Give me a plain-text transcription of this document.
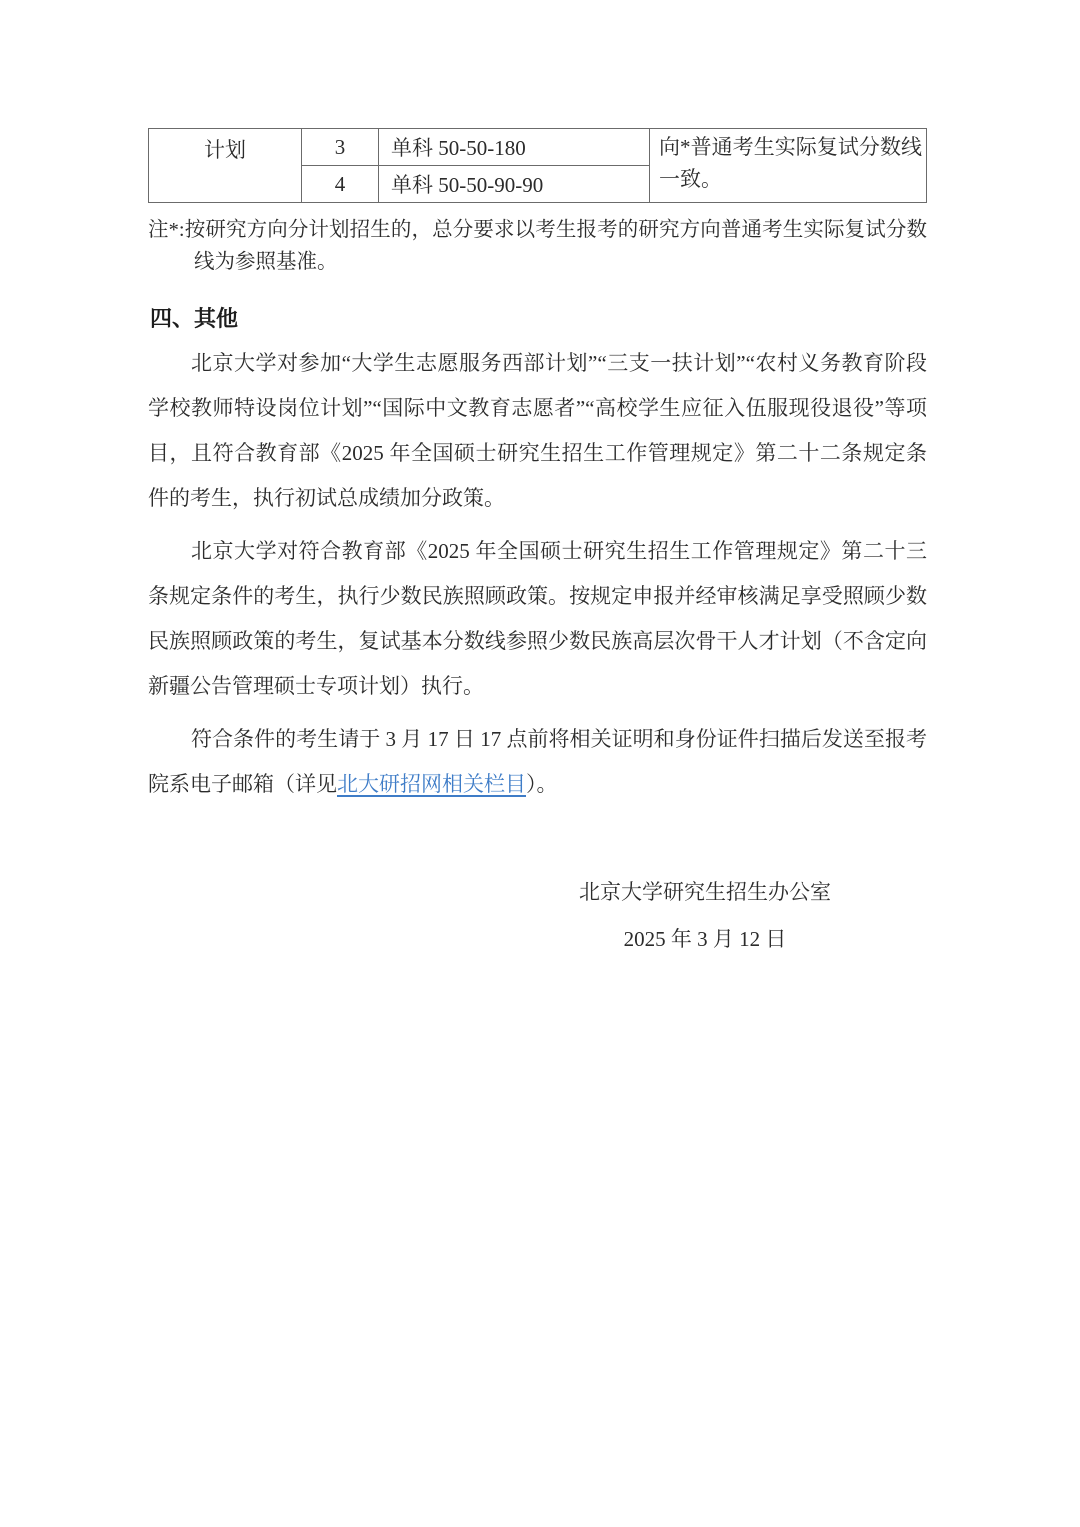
计划	3	单科 50-50-180	向*普通考生实际复试分数线一致。
	4	单科 50-50-90-90	
注*:按研究方向分计划招生的，总分要求以考生报考的研究方向普通考生实际复试分数线为参照基准。
四、其他

北京大学对参加“大学生志愿服务西部计划”“三支一扶计划”“农村义务教育阶段学校教师特设岗位计划”“国际中文教育志愿者”“高校学生应征入伍服现役退役”等项目，且符合教育部《2025 年全国硕士研究生招生工作管理规定》第二十二条规定条件的考生，执行初试总成绩加分政策。

北京大学对符合教育部《2025 年全国硕士研究生招生工作管理规定》第二十三条规定条件的考生，执行少数民族照顾政策。按规定申报并经审核满足享受照顾少数民族照顾政策的考生，复试基本分数线参照少数民族高层次骨干人才计划（不含定向新疆公告管理硕士专项计划）执行。

符合条件的考生请于 3 月 17 日 17 点前将相关证明和身份证件扫描后发送至报考院系电子邮箱（详见北大研招网相关栏目）。

北京大学研究生招生办公室
2025 年 3 月 12 日
